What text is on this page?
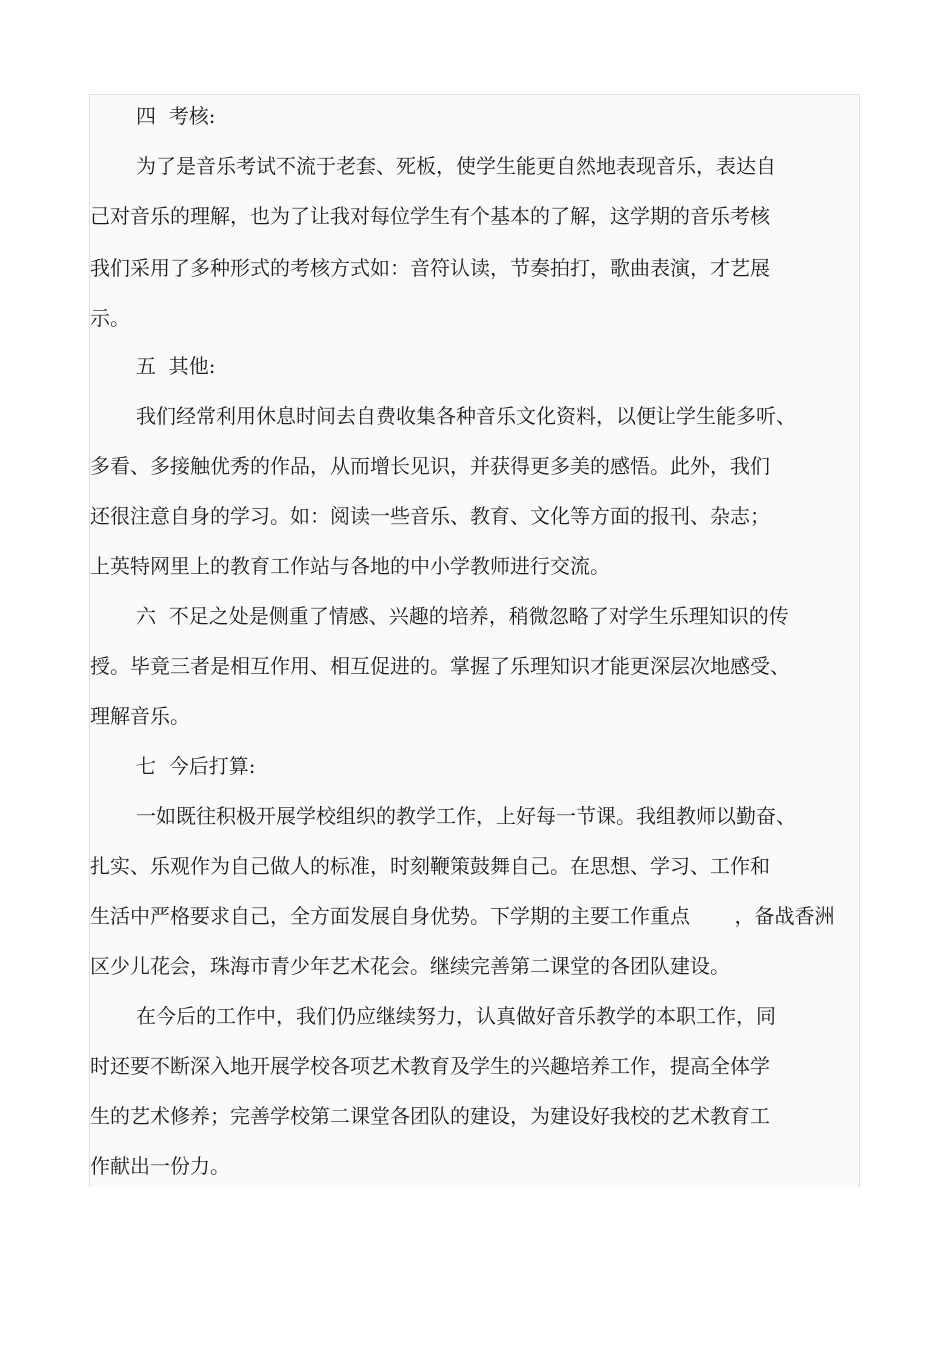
四  考核:

为了是音乐考试不流于老套、死板，使学生能更自然地表现音乐，表达自

己对音乐的理解，也为了让我对每位学生有个基本的了解，这学期的音乐考核

我们采用了多种形式的考核方式如：音符认读，节奏拍打，歌曲表演，才艺展

示。

五  其他:

我们经常利用休息时间去自费收集各种音乐文化资料，以便让学生能多听、

多看、多接触优秀的作品，从而增长见识，并获得更多美的感悟。此外，我们

还很注意自身的学习。如：阅读一些音乐、教育、文化等方面的报刊、杂志；

上英特网里上的教育工作站与各地的中小学教师进行交流。

六  不足之处是侧重了情感、兴趣的培养，稍微忽略了对学生乐理知识的传

授。毕竟三者是相互作用、相互促进的。掌握了乐理知识才能更深层次地感受、

理解音乐。

七  今后打算:

一如既往积极开展学校组织的教学工作，上好每一节课。我组教师以勤奋、

扎实、乐观作为自己做人的标准，时刻鞭策鼓舞自己。在思想、学习、工作和

生活中严格要求自己，全方面发展自身优势。下学期的主要工作重点       ，备战香洲

区少儿花会，珠海市青少年艺术花会。继续完善第二课堂的各团队建设。

在今后的工作中，我们仍应继续努力，认真做好音乐教学的本职工作，同

时还要不断深入地开展学校各项艺术教育及学生的兴趣培养工作，提高全体学

生的艺术修养；完善学校第二课堂各团队的建设，为建设好我校的艺术教育工

作献出一份力。
